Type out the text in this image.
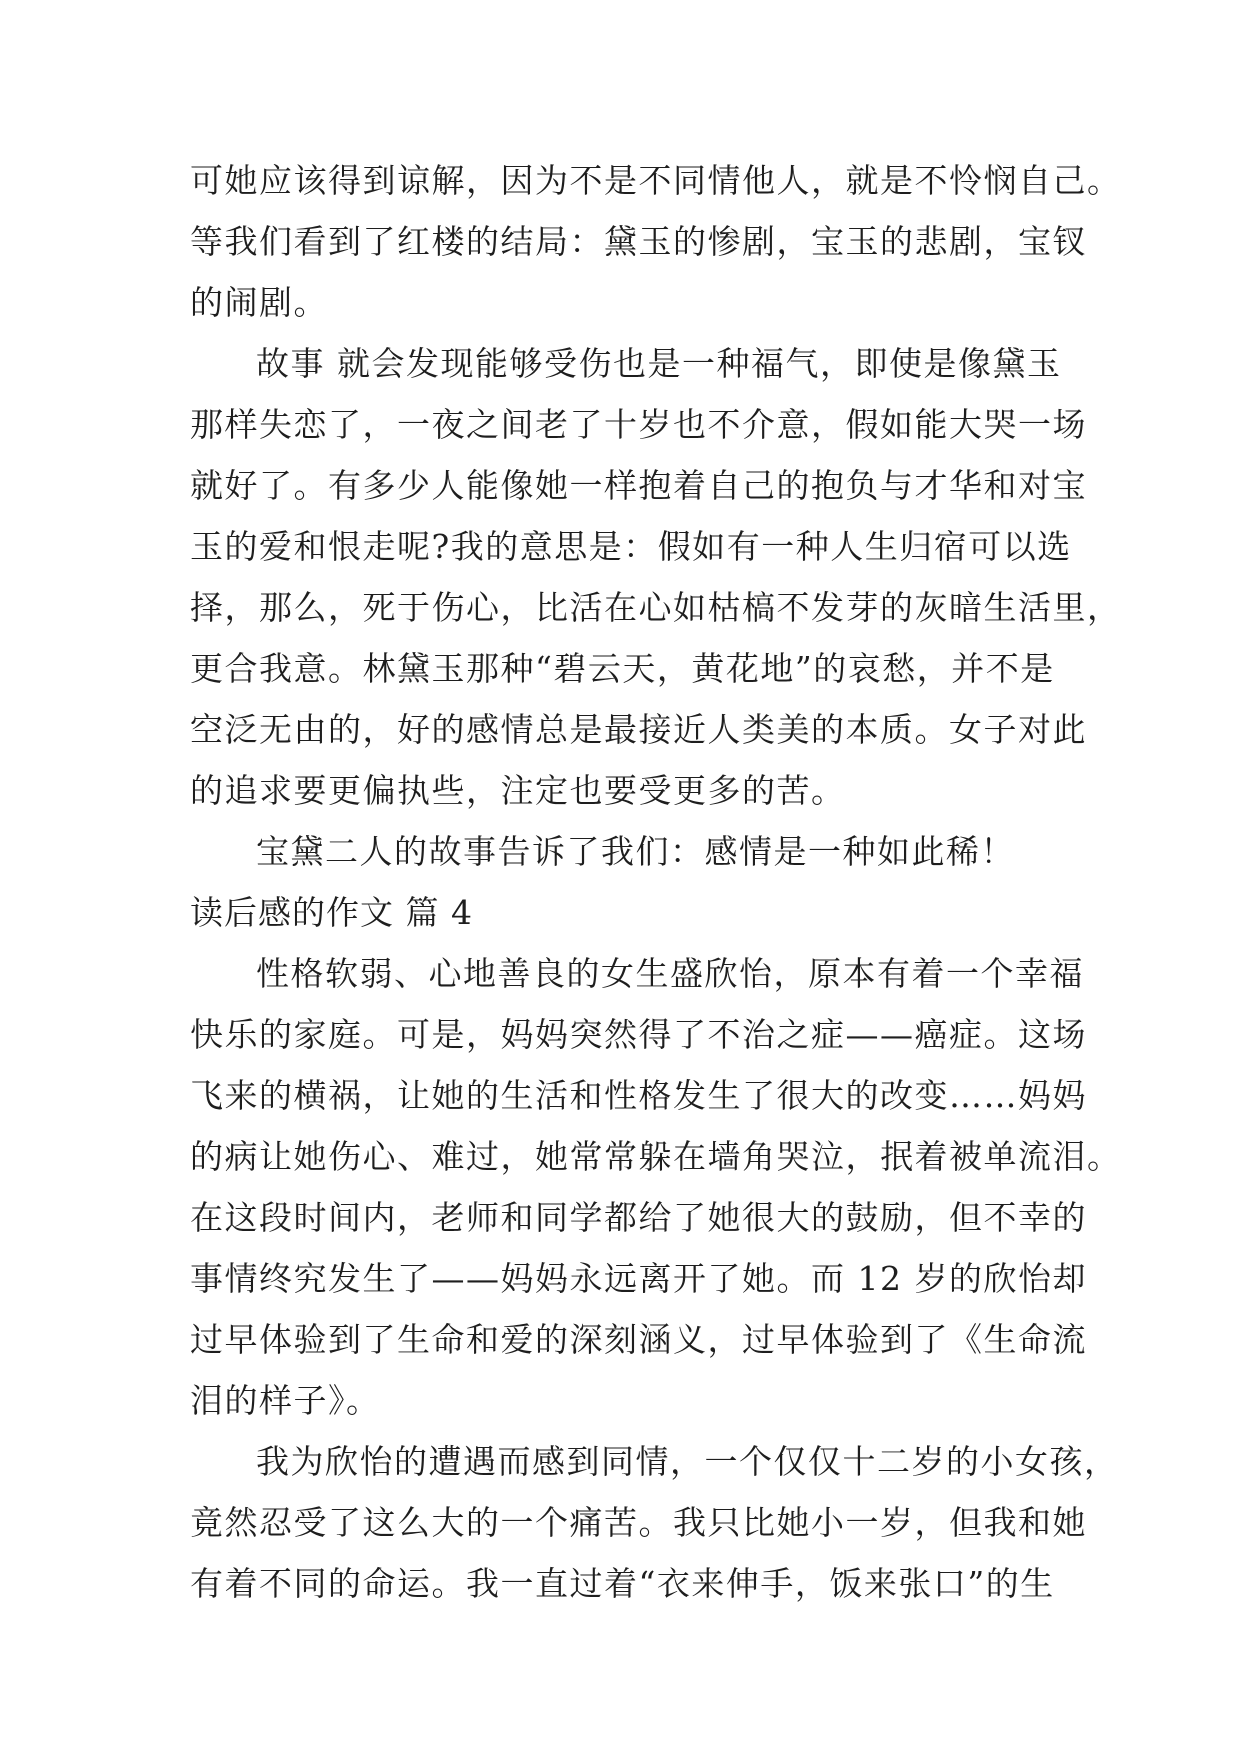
可她应该得到谅解，因为不是不同情他人，就是不怜悯自己。
等我们看到了红楼的结局：黛玉的惨剧，宝玉的悲剧，宝钗
的闹剧。
故事 就会发现能够受伤也是一种福气，即使是像黛玉
那样失恋了，一夜之间老了十岁也不介意，假如能大哭一场
就好了。有多少人能像她一样抱着自己的抱负与才华和对宝
玉的爱和恨走呢?我的意思是：假如有一种人生归宿可以选
择，那么，死于伤心，比活在心如枯槁不发芽的灰暗生活里，
更合我意。林黛玉那种“碧云天，黄花地”的哀愁，并不是
空泛无由的，好的感情总是最接近人类美的本质。女子对此
的追求要更偏执些，注定也要受更多的苦。
宝黛二人的故事告诉了我们：感情是一种如此稀！
读后感的作文 篇 4
性格软弱、心地善良的女生盛欣怡，原本有着一个幸福
快乐的家庭。可是，妈妈突然得了不治之症——癌症。这场
飞来的横祸，让她的生活和性格发生了很大的改变……妈妈
的病让她伤心、难过，她常常躲在墙角哭泣，抿着被单流泪。
在这段时间内，老师和同学都给了她很大的鼓励，但不幸的
事情终究发生了——妈妈永远离开了她。而 12 岁的欣怡却
过早体验到了生命和爱的深刻涵义，过早体验到了《生命流
泪的样子》。
我为欣怡的遭遇而感到同情，一个仅仅十二岁的小女孩，
竟然忍受了这么大的一个痛苦。我只比她小一岁，但我和她
有着不同的命运。我一直过着“衣来伸手，饭来张口”的生
